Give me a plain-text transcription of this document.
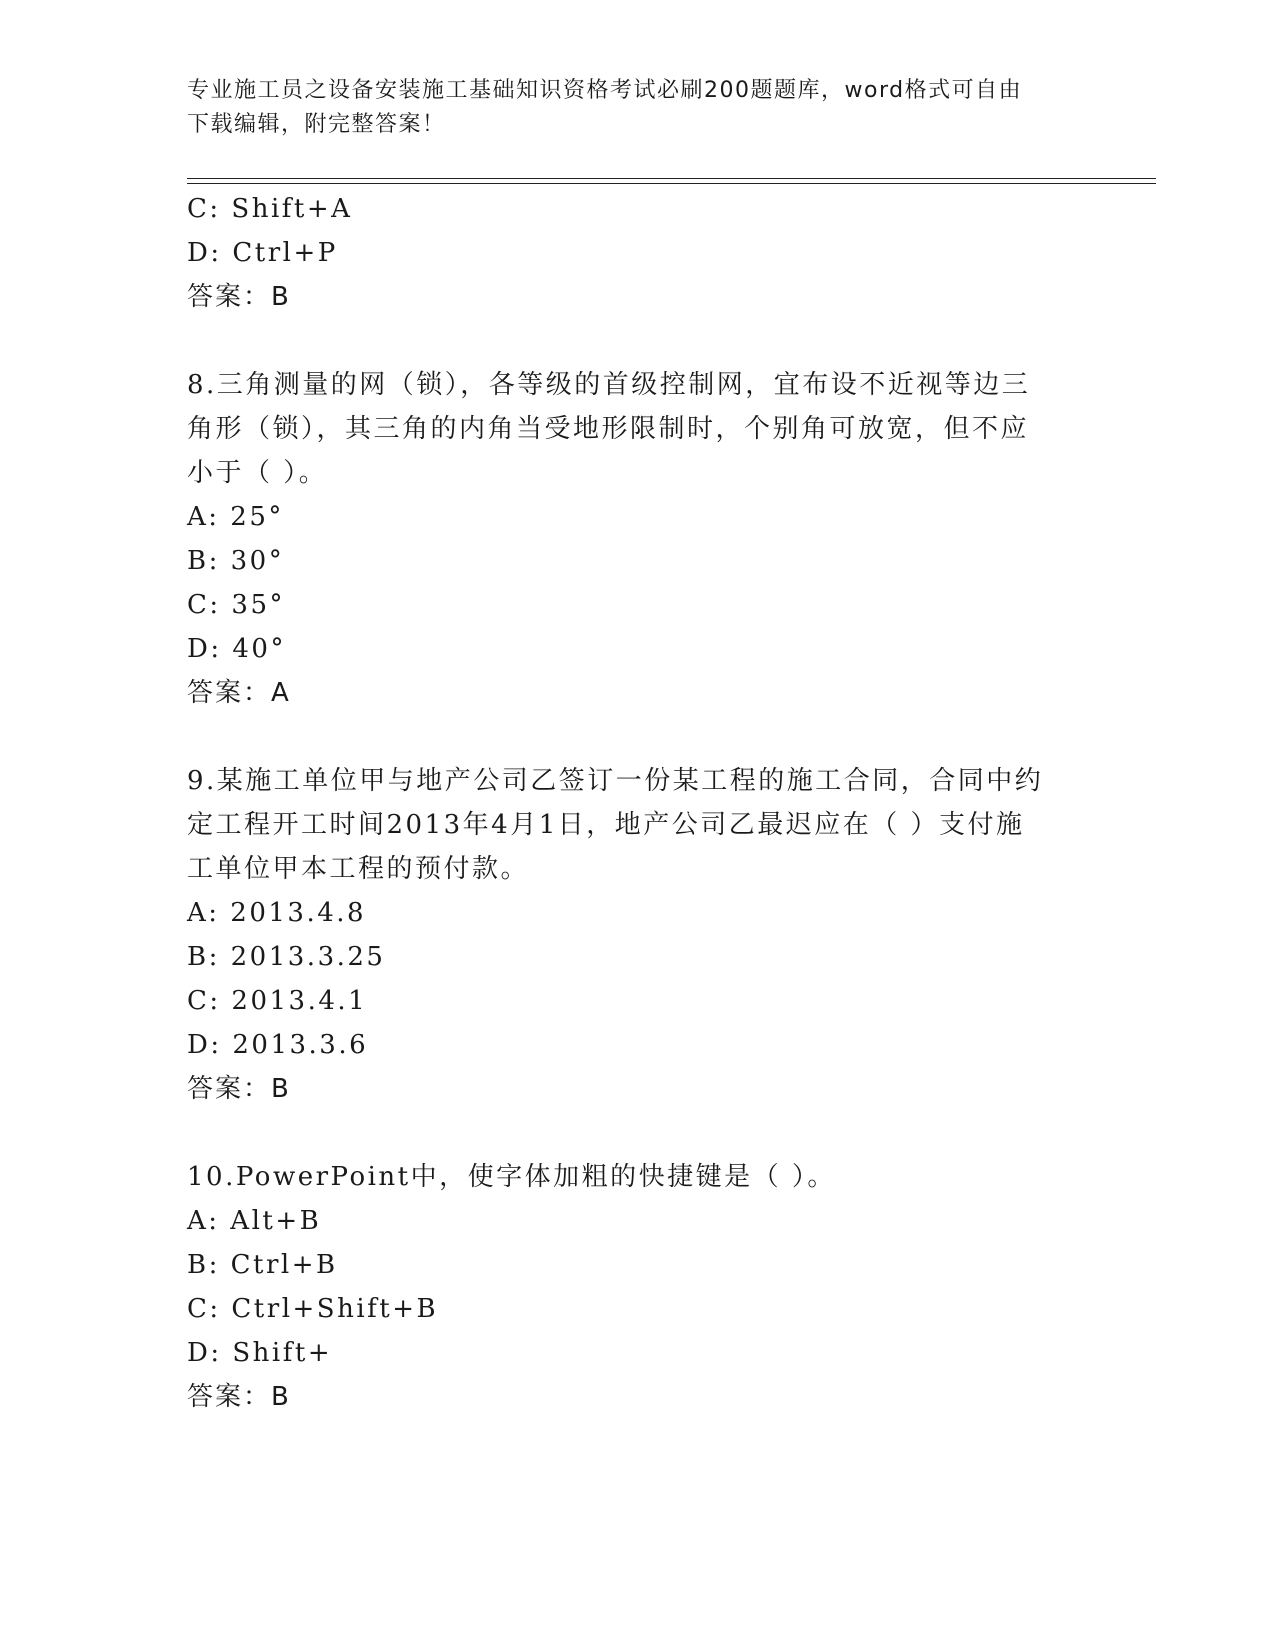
专业施工员之设备安装施工基础知识资格考试必刷200题题库，word格式可自由
下载编辑，附完整答案！
C: Shift+A
D: Ctrl+P
答案：B
8.三角测量的网（锁），各等级的首级控制网，宜布设不近视等边三
角形（锁），其三角的内角当受地形限制时，个别角可放宽，但不应
小于（ ）。
A: 25°
B: 30°
C: 35°
D: 40°
答案：A
9.某施工单位甲与地产公司乙签订一份某工程的施工合同，合同中约
定工程开工时间2013年4月1日，地产公司乙最迟应在（ ）支付施
工单位甲本工程的预付款。
A: 2013.4.8
B: 2013.3.25
C: 2013.4.1
D: 2013.3.6
答案：B
10.PowerPoint中，使字体加粗的快捷键是（ ）。
A: Alt+B
B: Ctrl+B
C: Ctrl+Shift+B
D: Shift+
答案：B
